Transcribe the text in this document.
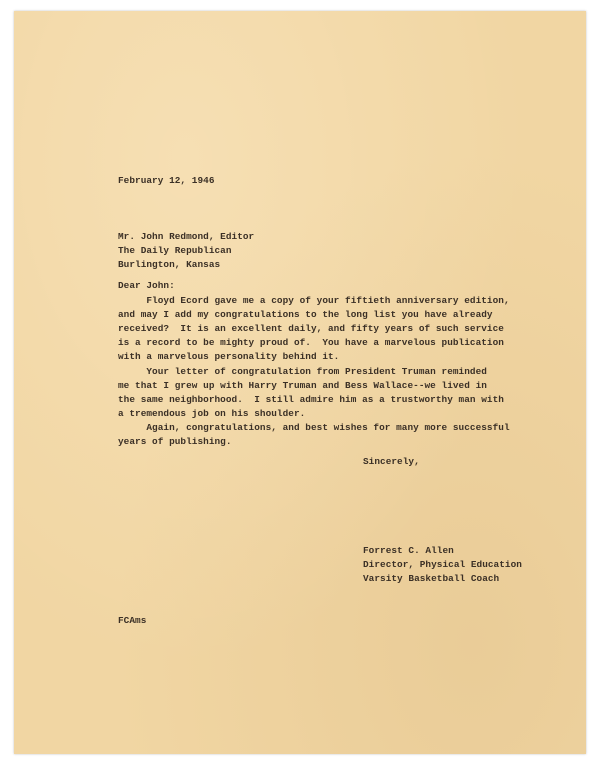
February 12, 1946
Mr. John Redmond, Editor
The Daily Republican
Burlington, Kansas
Dear John:
Floyd Ecord gave me a copy of your fiftieth anniversary edition,
and may I add my congratulations to the long list you have already
received?  It is an excellent daily, and fifty years of such service
is a record to be mighty proud of.  You have a marvelous publication
with a marvelous personality behind it.
Your letter of congratulation from President Truman reminded
me that I grew up with Harry Truman and Bess Wallace--we lived in
the same neighborhood.  I still admire him as a trustworthy man with
a tremendous job on his shoulder.
Again, congratulations, and best wishes for many more successful
years of publishing.
Sincerely,
Forrest C. Allen
Director, Physical Education
Varsity Basketball Coach
FCAms
